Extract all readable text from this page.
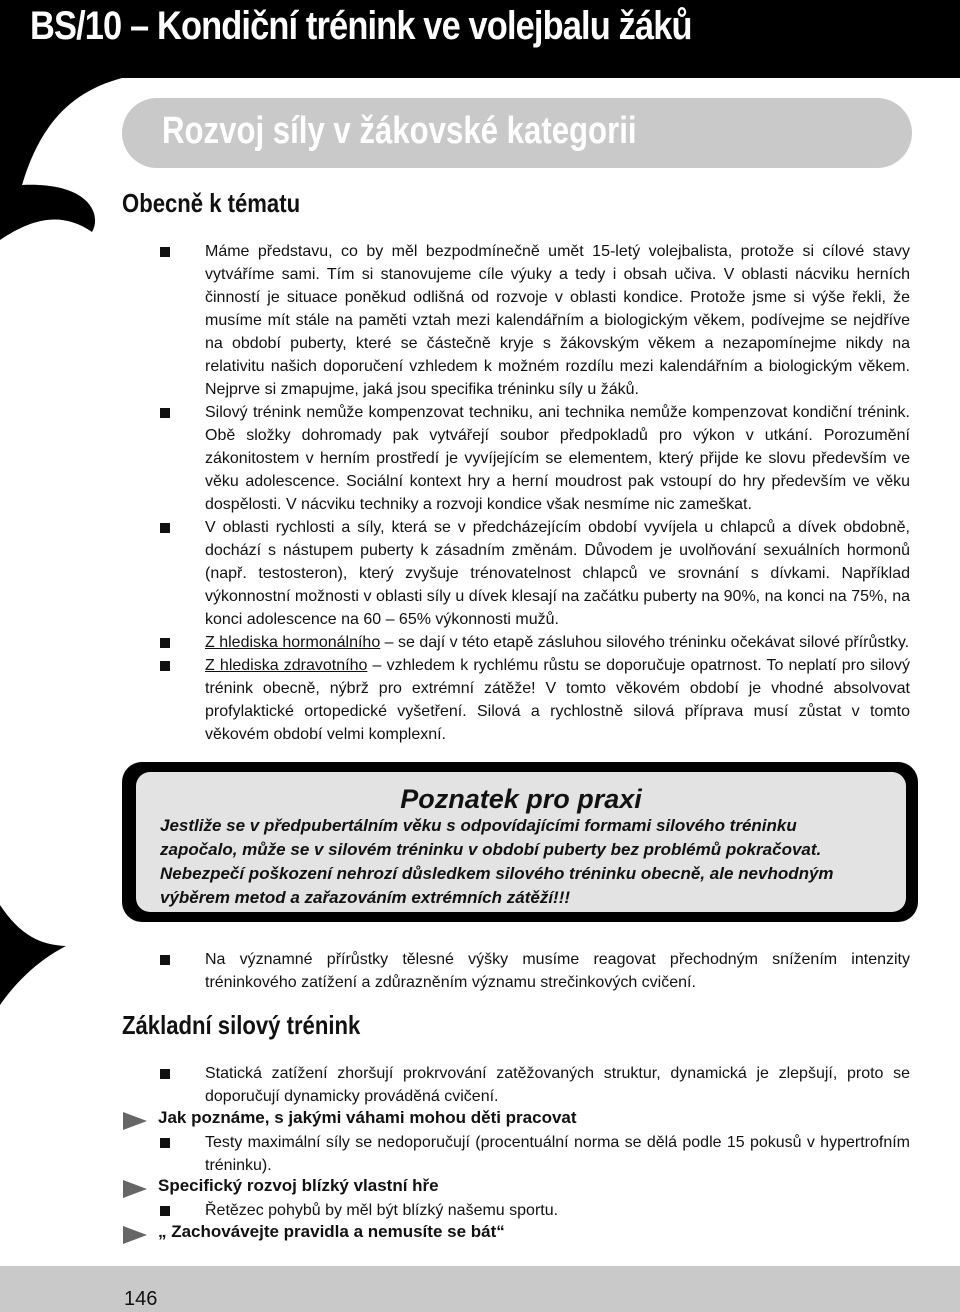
BS/10 – Kondiční trénink ve volejbalu žáků
Rozvoj síly v žákovské kategorii
Obecně k tématu
Máme představu, co by měl bezpodmínečně umět 15-letý volejbalista, protože si cílové stavy vytváříme sami. Tím si stanovujeme cíle výuky a tedy i obsah učiva. V oblasti nácviku herních činností je situace poněkud odlišná od rozvoje v oblasti kondice. Protože jsme si výše řekli, že musíme mít stále na paměti vztah mezi kalendářním a biologickým věkem, podívejme se nejdříve na období puberty, které se částečně kryje s žákovským věkem a nezapomínejme nikdy na relativitu našich doporučení vzhledem k možném rozdílu mezi kalendářním a biologickým věkem. Nejprve si zmapujme, jaká jsou specifika tréninku síly u žáků.
Silový trénink nemůže kompenzovat techniku, ani technika nemůže kompenzovat kondiční trénink. Obě složky dohromady pak vytvářejí soubor předpokladů pro výkon v utkání. Porozumění zákonitostem v herním prostředí je vyvíjejícím se elementem, který přijde ke slovu především ve věku adolescence. Sociální kontext hry a herní moudrost pak vstoupí do hry především ve věku dospělosti. V nácviku techniky a rozvoji kondice však nesmíme nic zameškat.
V oblasti rychlosti a síly, která se v předcházejícím období vyvíjela u chlapců a dívek obdobně, dochází s nástupem puberty k zásadním změnám. Důvodem je uvolňování sexuálních hormonů (např. testosteron), který zvyšuje trénovatelnost chlapců ve srovnání s dívkami. Například výkonnostní možnosti v oblasti síly u dívek klesají na začátku puberty na 90%, na konci na 75%, na konci adolescence na 60 – 65% výkonnosti mužů.
Z hlediska hormonálního – se dají v této etapě zásluhou silového tréninku očekávat silové přírůstky.
Z hlediska zdravotního – vzhledem k rychlému růstu se doporučuje opatrnost. To neplatí pro silový trénink obecně, nýbrž pro extrémní zátěže! V tomto věkovém období je vhodné absolvovat profylaktické ortopedické vyšetření. Silová a rychlostně silová příprava musí zůstat v tomto věkovém období velmi komplexní.
Poznatek pro praxi
Jestliže se v předpubertálním věku s odpovídajícími formami silového tréninku započalo, může se v silovém tréninku v období puberty bez problémů pokračovat. Nebezpečí poškození nehrozí důsledkem silového tréninku obecně, ale nevhodným výběrem metod a zařazováním extrémních zátěží!!!
Na významné přírůstky tělesné výšky musíme reagovat přechodným snížením intenzity tréninkového zatížení a zdůrazněním významu strečinkových cvičení.
Základní silový trénink
Statická zatížení zhoršují prokrvování zatěžovaných struktur, dynamická je zlepšují, proto se doporučují dynamicky prováděná cvičení.
Jak poznáme, s jakými váhami mohou děti pracovat
Testy maximální síly se nedoporučují (procentuální norma se dělá podle 15 pokusů v hypertrofním tréninku).
Specifický rozvoj blízký vlastní hře
Řetězec pohybů by měl být blízký našemu sportu.
„ Zachovávejte pravidla a nemusíte se bát“
146
